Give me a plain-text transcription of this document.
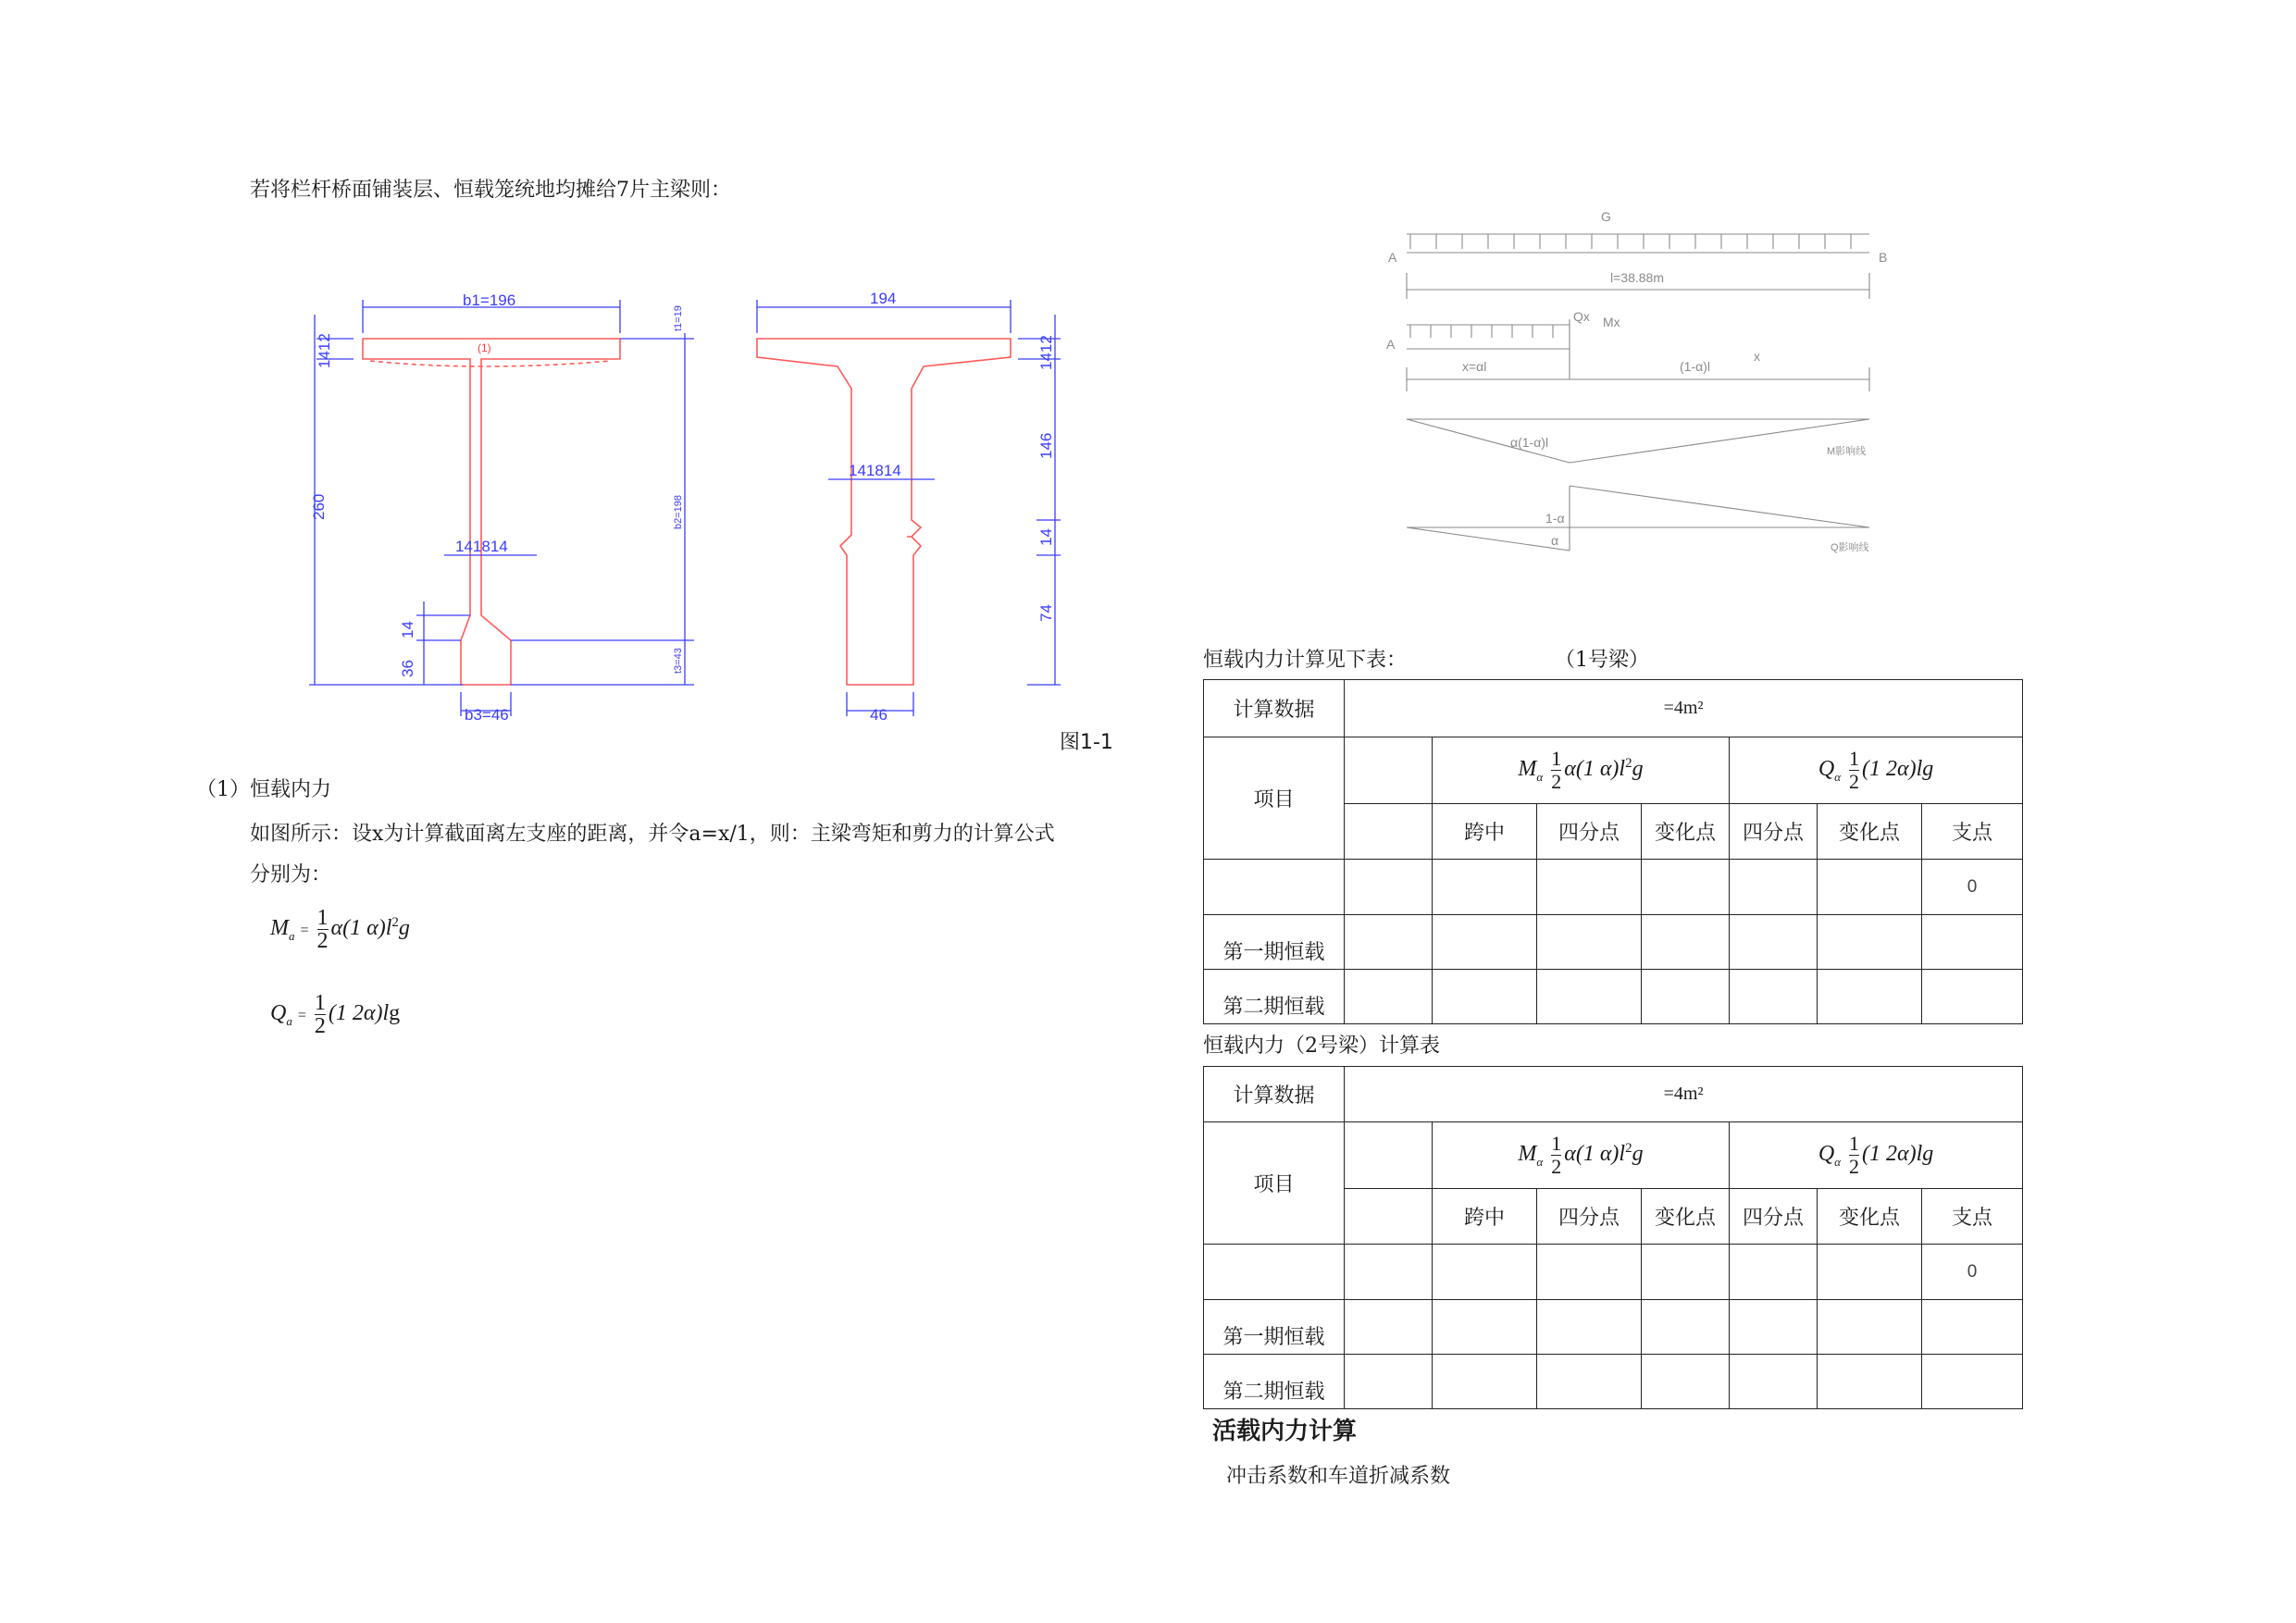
若将栏杆桥面铺装层、恒载笼统地均摊给7片主梁则：
b1=196	194
1412
260
141814
14
36
b3=46
t1=19
b2=198
t3=43
1412
146
14
74
141814
46
(1)
图1-1
G
A	B
l=38.88m
A
Qx Mx
x=αl	(1-α)l
x
α(1-α)l
M影响线
1-α
α	Q影响线
（1）恒载内力
如图所示：设x为计算截面离左支座的距离，并令a=x/1，则：主梁弯矩和剪力的计算公式
分别为：
$M_a = \frac{1}{2} \alpha(1$ $\alpha)l^2g$
$Q_a = \frac{1}{2} (1$ 2α)lg
恒载内力计算见下表：	（1号梁）
计算数据	=4m²						
项目		$M_\alpha \frac{1}{2} \alpha(1$ $\alpha)l^2g$			$Q_\alpha \frac{1}{2} (1$ 2α)lg		
		跨中	四分点	变化点	四分点	变化点	支点
							0
第一期恒载							
第二期恒载							
恒载内力（2号梁）计算表
计算数据	=4m²						
项目		$M_\alpha \frac{1}{2} \alpha(1$ $\alpha)l^2g$			$Q_\alpha \frac{1}{2} (1$ 2α)lg		
		跨中	四分点	变化点	四分点	变化点	支点
							0
第一期恒载							
第二期恒载							
活载内力计算
冲击系数和车道折减系数
